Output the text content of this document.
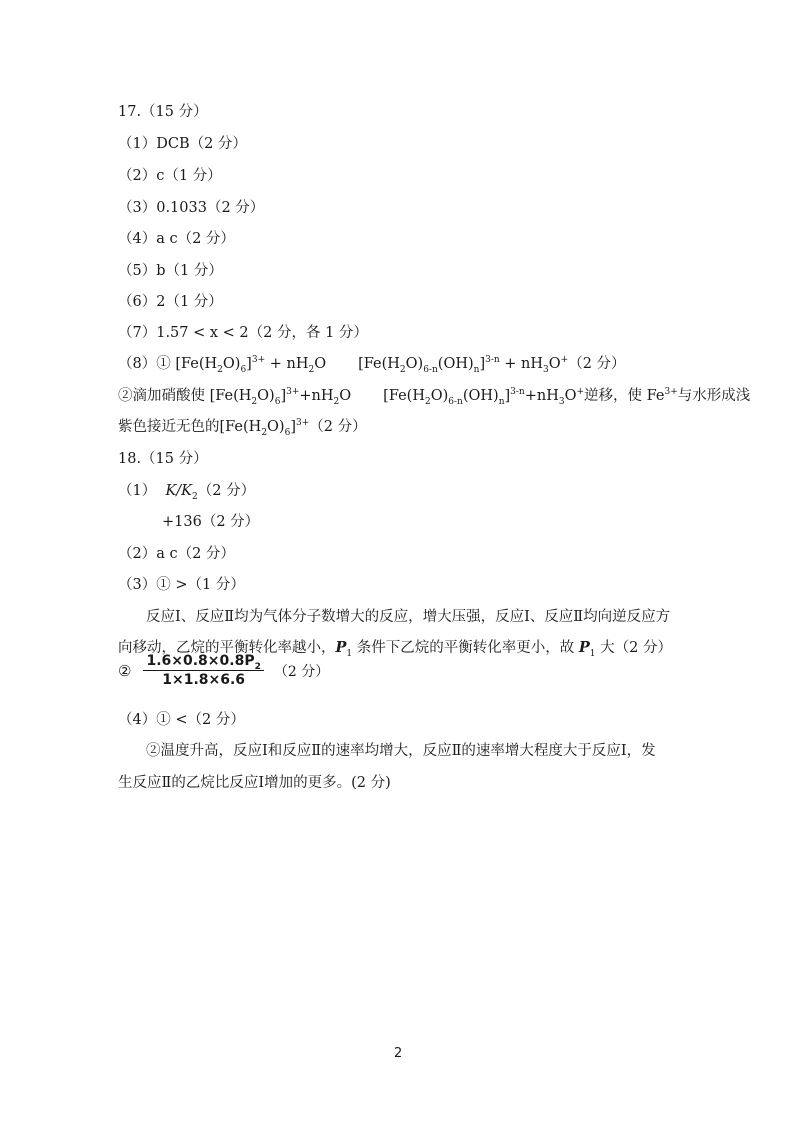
17.（15 分）
（1）DCB（2 分）
（2）c（1 分）
（3）0.1033（2 分）
（4）a c（2 分）
（5）b（1 分）
（6）2（1 分）
（7）1.57 < x < 2（2 分，各 1 分）
（8）① $[Fe(H_2O)_6]^{3+} + nH_2O$ $[Fe(H_2O)_{6-n}(OH)_n]^{3-n} + nH_3O^+(2$ 分）
②滴加硝酸使 $[Fe(H_2O)_6]^{3+}+nH_2O$ $[Fe(H_2O)_{6-n}(OH)_n]^{3-n}+nH_3O^+$逆移，使 $Fe^{3+}$与水形成浅
紫色接近无色的$[Fe(H_2O)_6]^{3+}(2$ 分）
18.（15 分）
（1） $K/K_2(2$ 分）
+136（2 分）
（2）a c（2 分）
（3）① >（1 分）
反应Ⅰ、反应Ⅱ均为气体分子数增大的反应，增大压强，反应Ⅰ、反应Ⅱ均向逆反应方
向移动，乙烷的平衡转化率越小，$P_1$ 条件下乙烷的平衡转化率更小，故 $P_1$ 大（2 分）
② $\frac{1.6\times 0.8\times 0.8P_2}{1\times 1.8\times 6.6} (2$ 分）
（4）① <（2 分）
②温度升高，反应Ⅰ和反应Ⅱ的速率均增大，反应Ⅱ的速率增大程度大于反应Ⅰ，发
生反应Ⅱ的乙烷比反应Ⅰ增加的更多。(2 分)
2
